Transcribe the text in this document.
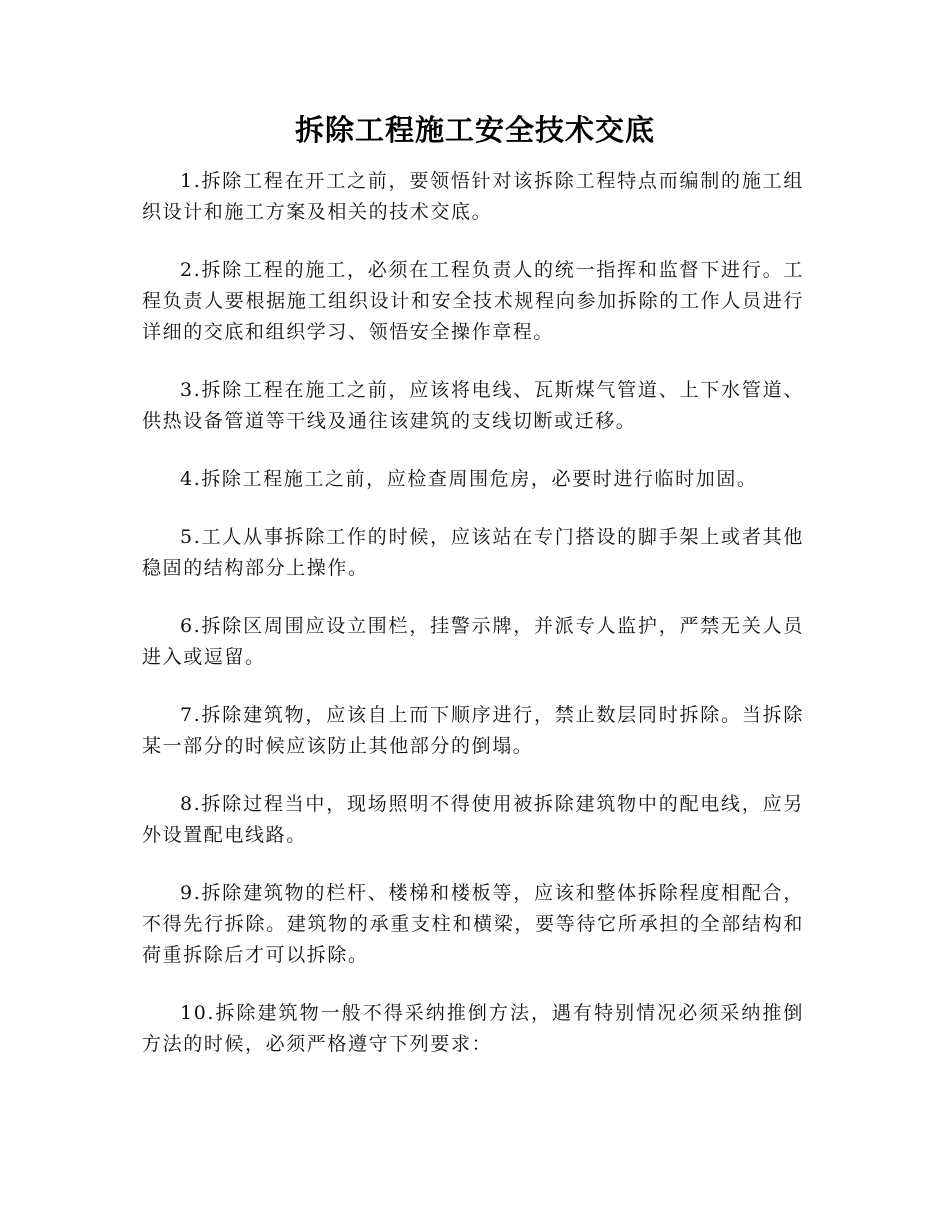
拆除工程施工安全技术交底

1.拆除工程在开工之前，要领悟针对该拆除工程特点而编制的施工组织设计和施工方案及相关的技术交底。

2.拆除工程的施工，必须在工程负责人的统一指挥和监督下进行。工程负责人要根据施工组织设计和安全技术规程向参加拆除的工作人员进行详细的交底和组织学习、领悟安全操作章程。

3.拆除工程在施工之前，应该将电线、瓦斯煤气管道、上下水管道、供热设备管道等干线及通往该建筑的支线切断或迁移。

4.拆除工程施工之前，应检查周围危房，必要时进行临时加固。

5.工人从事拆除工作的时候，应该站在专门搭设的脚手架上或者其他稳固的结构部分上操作。

6.拆除区周围应设立围栏，挂警示牌，并派专人监护，严禁无关人员进入或逗留。

7.拆除建筑物，应该自上而下顺序进行，禁止数层同时拆除。当拆除某一部分的时候应该防止其他部分的倒塌。

8.拆除过程当中，现场照明不得使用被拆除建筑物中的配电线，应另外设置配电线路。

9.拆除建筑物的栏杆、楼梯和楼板等，应该和整体拆除程度相配合，不得先行拆除。建筑物的承重支柱和横梁，要等待它所承担的全部结构和荷重拆除后才可以拆除。

10.拆除建筑物一般不得采纳推倒方法，遇有特别情况必须采纳推倒方法的时候，必须严格遵守下列要求：
